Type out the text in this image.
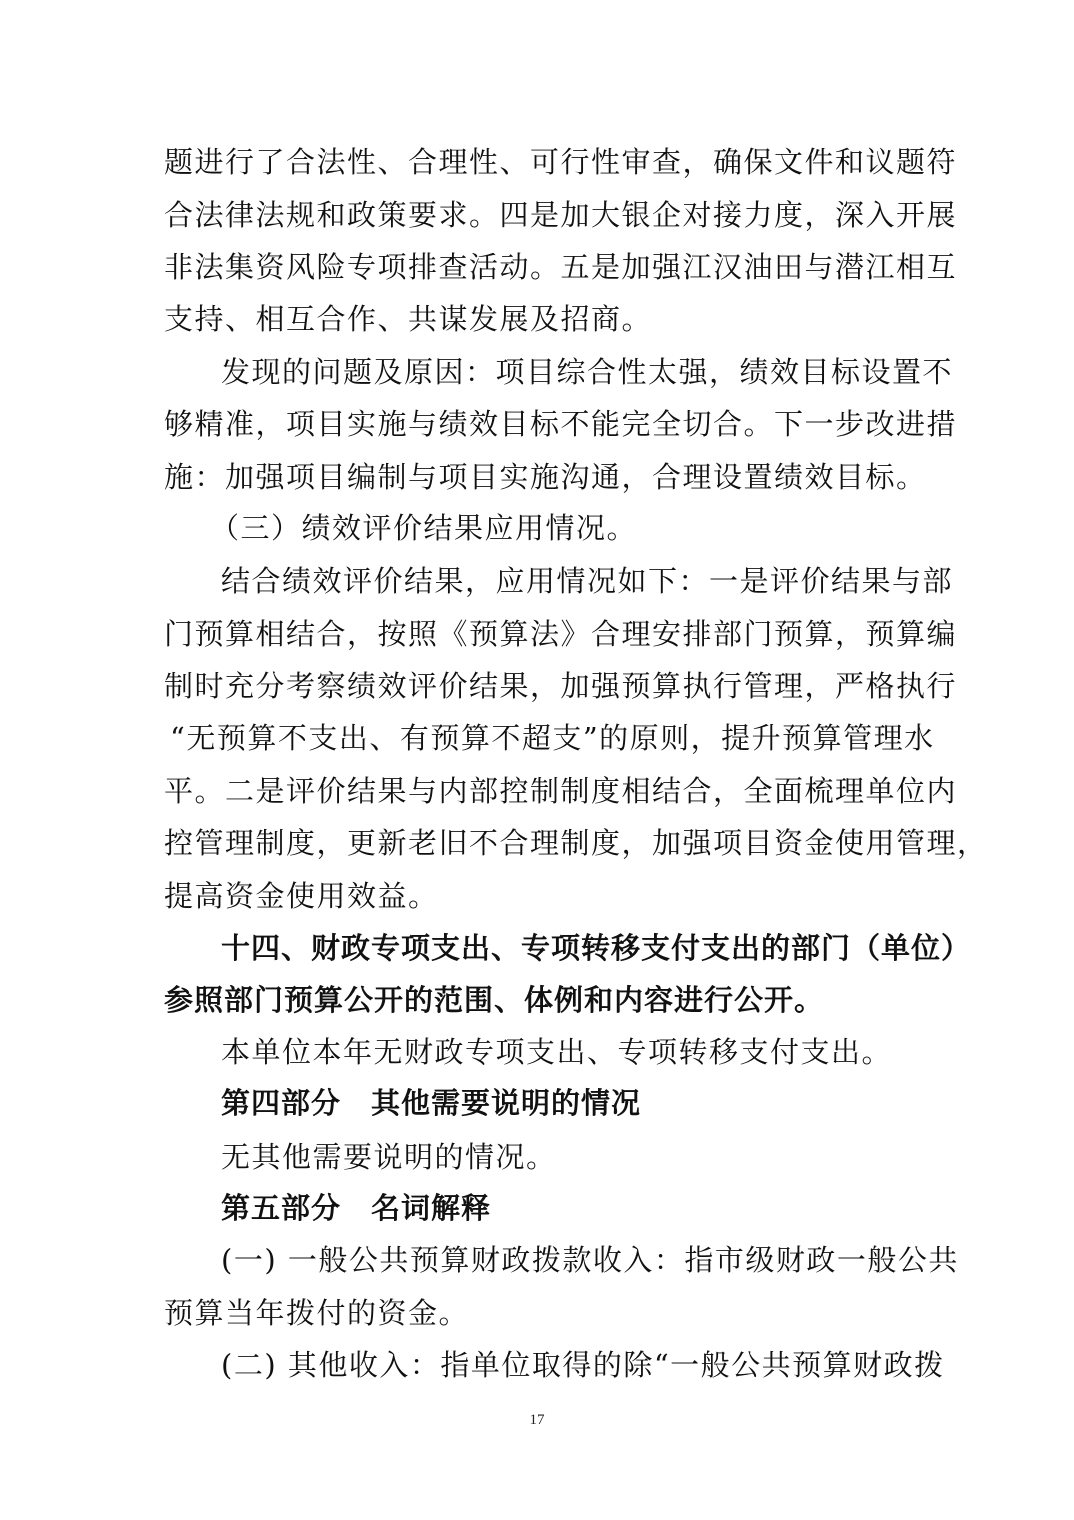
题进行了合法性、合理性、可行性审查，确保文件和议题符
合法律法规和政策要求。四是加大银企对接力度，深入开展
非法集资风险专项排查活动。五是加强江汉油田与潜江相互
支持、相互合作、共谋发展及招商。
发现的问题及原因：项目综合性太强，绩效目标设置不
够精准，项目实施与绩效目标不能完全切合。下一步改进措
施：加强项目编制与项目实施沟通，合理设置绩效目标。
（三）绩效评价结果应用情况。
结合绩效评价结果，应用情况如下：一是评价结果与部
门预算相结合，按照《预算法》合理安排部门预算，预算编
制时充分考察绩效评价结果，加强预算执行管理，严格执行
“无预算不支出、有预算不超支”的原则，提升预算管理水
平。二是评价结果与内部控制制度相结合，全面梳理单位内
控管理制度，更新老旧不合理制度，加强项目资金使用管理，
提高资金使用效益。
十四、财政专项支出、专项转移支付支出的部门（单位）
参照部门预算公开的范围、体例和内容进行公开。
本单位本年无财政专项支出、专项转移支付支出。
第四部分　其他需要说明的情况
无其他需要说明的情况。
第五部分　名词解释
(一) 一般公共预算财政拨款收入：指市级财政一般公共
预算当年拨付的资金。
(二) 其他收入：指单位取得的除“一般公共预算财政拨
17
